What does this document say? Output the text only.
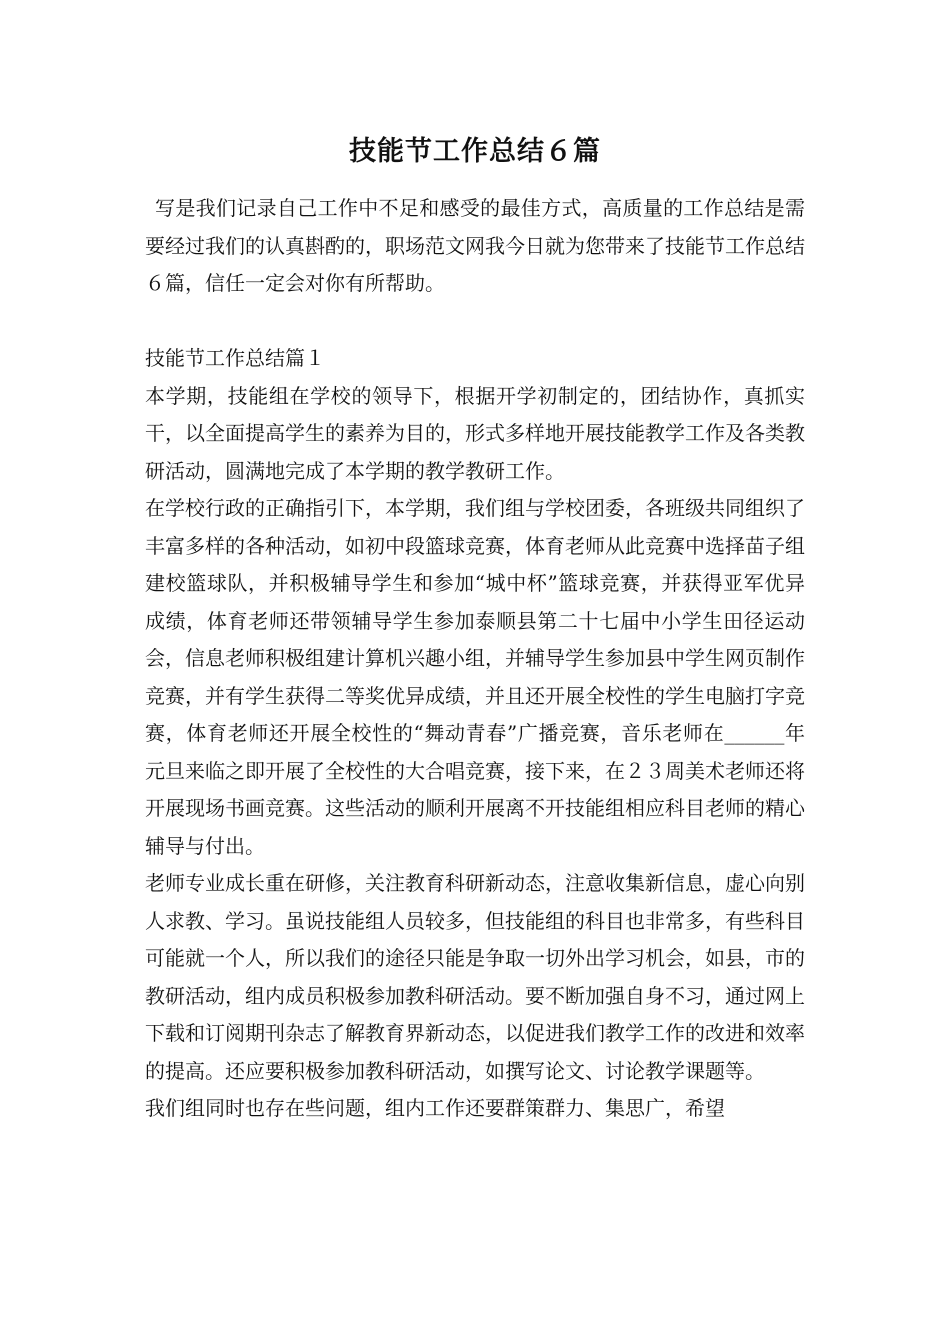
技能节工作总结６篇

写是我们记录自己工作中不足和感受的最佳方式，高质量的工作总结是需要经过我们的认真斟酌的，职场范文网我今日就为您带来了技能节工作总结６篇，信任一定会对你有所帮助。

技能节工作总结篇１

本学期，技能组在学校的领导下，根据开学初制定的，团结协作，真抓实干，以全面提高学生的素养为目的，形式多样地开展技能教学工作及各类教研活动，圆满地完成了本学期的教学教研工作。

在学校行政的正确指引下，本学期，我们组与学校团委，各班级共同组织了丰富多样的各种活动，如初中段篮球竞赛，体育老师从此竞赛中选择苗子组建校篮球队，并积极辅导学生和参加“城中杯”篮球竞赛，并获得亚军优异成绩，体育老师还带领辅导学生参加泰顺县第二十七届中小学生田径运动会，信息老师积极组建计算机兴趣小组，并辅导学生参加县中学生网页制作竞赛，并有学生获得二等奖优异成绩，并且还开展全校性的学生电脑打字竞赛，体育老师还开展全校性的“舞动青春”广播竞赛，音乐老师在______年元旦来临之即开展了全校性的大合唱竞赛，接下来，在２３周美术老师还将开展现场书画竞赛。这些活动的顺利开展离不开技能组相应科目老师的精心辅导与付出。

老师专业成长重在研修，关注教育科研新动态，注意收集新信息，虚心向别人求教、学习。虽说技能组人员较多，但技能组的科目也非常多，有些科目可能就一个人，所以我们的途径只能是争取一切外出学习机会，如县，市的教研活动，组内成员积极参加教科研活动。要不断加强自身不习，通过网上下载和订阅期刊杂志了解教育界新动态，以促进我们教学工作的改进和效率的提高。还应要积极参加教科研活动，如撰写论文、讨论教学课题等。

我们组同时也存在些问题，组内工作还要群策群力、集思广，希望
